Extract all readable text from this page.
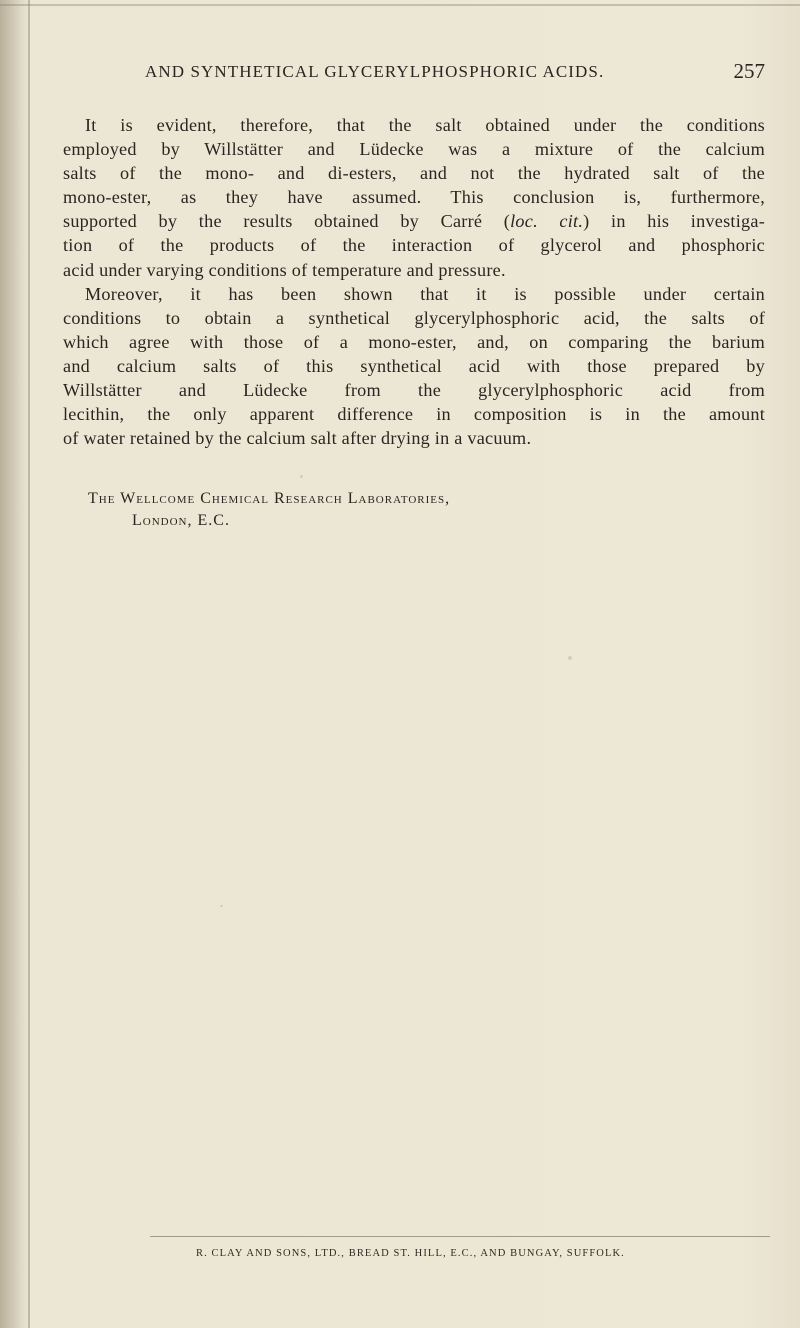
AND SYNTHETICAL GLYCERYLPHOSPHORIC ACIDS.	257
It is evident, therefore, that the salt obtained under the conditions
employed by Willstätter and Lüdecke was a mixture of the calcium
salts of the mono- and di-esters, and not the hydrated salt of the
mono-ester, as they have assumed. This conclusion is, furthermore,
supported by the results obtained by Carré (loc. cit.) in his investiga-
tion of the products of the interaction of glycerol and phosphoric
acid under varying conditions of temperature and pressure.
Moreover, it has been shown that it is possible under certain
conditions to obtain a synthetical glycerylphosphoric acid, the salts of
which agree with those of a mono-ester, and, on comparing the barium
and calcium salts of this synthetical acid with those prepared by
Willstätter and Lüdecke from the glycerylphosphoric acid from
lecithin, the only apparent difference in composition is in the amount
of water retained by the calcium salt after drying in a vacuum.
The Wellcome Chemical Research Laboratories,
London, E.C.
R. CLAY AND SONS, LTD., BREAD ST. HILL, E.C., AND BUNGAY, SUFFOLK.
